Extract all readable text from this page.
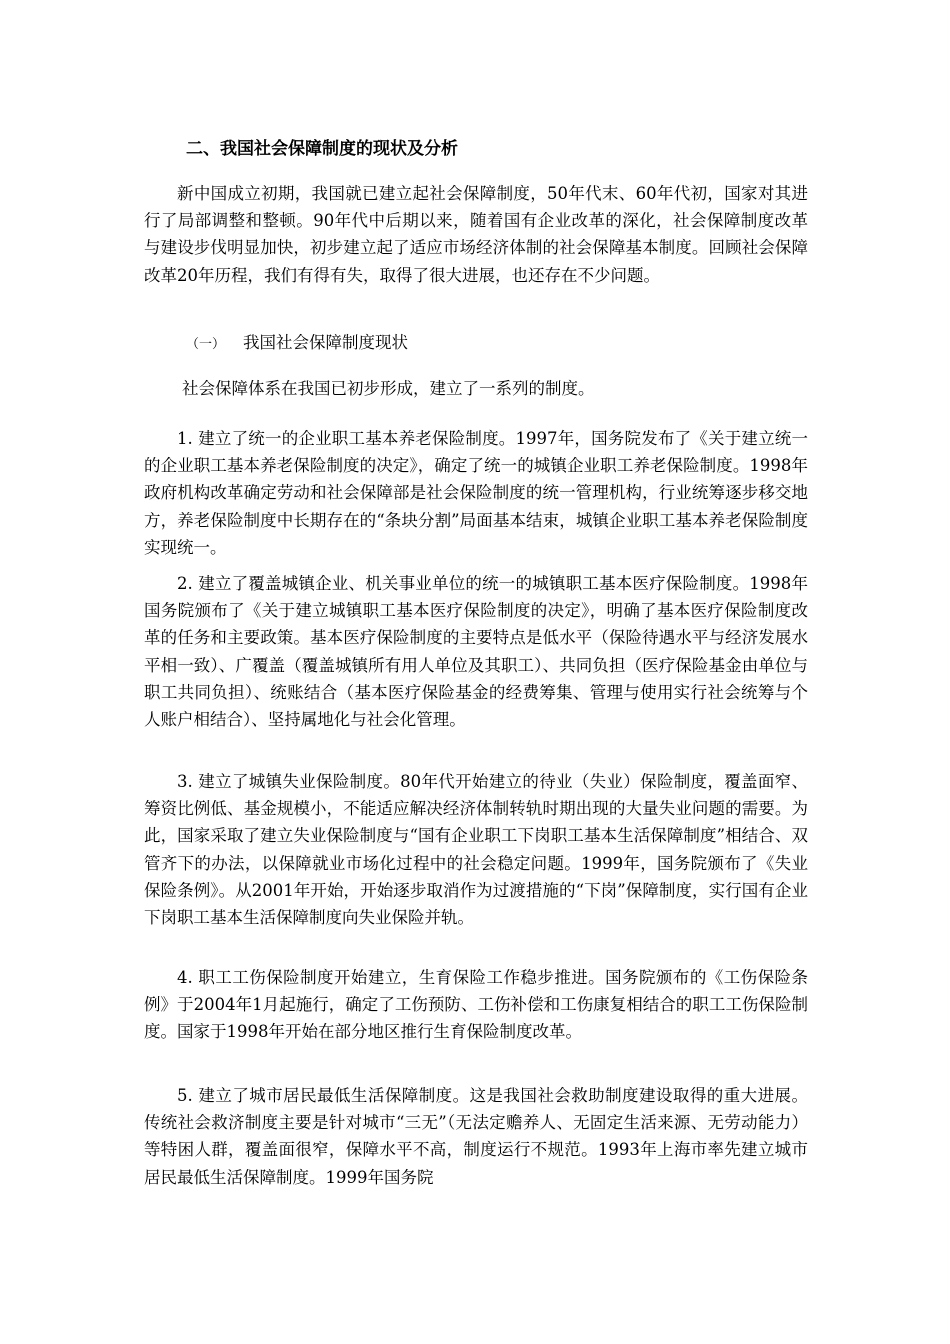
二、我国社会保障制度的现状及分析

新中国成立初期，我国就已建立起社会保障制度，50年代末、60年代初，国家对其进行了局部调整和整顿。90年代中后期以来，随着国有企业改革的深化，社会保障制度改革与建设步伐明显加快，初步建立起了适应市场经济体制的社会保障基本制度。回顾社会保障改革20年历程，我们有得有失，取得了很大进展，也还存在不少问题。

（一） 我国社会保障制度现状
社会保障体系在我国已初步形成，建立了一系列的制度。

1. 建立了统一的企业职工基本养老保险制度。1997年，国务院发布了《关于建立统一的企业职工基本养老保险制度的决定》，确定了统一的城镇企业职工养老保险制度。1998年政府机构改革确定劳动和社会保障部是社会保险制度的统一管理机构，行业统筹逐步移交地方，养老保险制度中长期存在的“条块分割”局面基本结束，城镇企业职工基本养老保险制度实现统一。

2. 建立了覆盖城镇企业、机关事业单位的统一的城镇职工基本医疗保险制度。1998年国务院颁布了《关于建立城镇职工基本医疗保险制度的决定》，明确了基本医疗保险制度改革的任务和主要政策。基本医疗保险制度的主要特点是低水平（保险待遇水平与经济发展水平相一致）、广覆盖（覆盖城镇所有用人单位及其职工）、共同负担（医疗保险基金由单位与职工共同负担）、统账结合（基本医疗保险基金的经费筹集、管理与使用实行社会统筹与个人账户相结合）、坚持属地化与社会化管理。

3. 建立了城镇失业保险制度。80年代开始建立的待业（失业）保险制度，覆盖面窄、筹资比例低、基金规模小，不能适应解决经济体制转轨时期出现的大量失业问题的需要。为此，国家采取了建立失业保险制度与“国有企业职工下岗职工基本生活保障制度”相结合、双管齐下的办法，以保障就业市场化过程中的社会稳定问题。1999年，国务院颁布了《失业保险条例》。从2001年开始，开始逐步取消作为过渡措施的“下岗”保障制度，实行国有企业下岗职工基本生活保障制度向失业保险并轨。

4. 职工工伤保险制度开始建立，生育保险工作稳步推进。国务院颁布的《工伤保险条例》于2004年1月起施行，确定了工伤预防、工伤补偿和工伤康复相结合的职工工伤保险制度。国家于1998年开始在部分地区推行生育保险制度改革。

5. 建立了城市居民最低生活保障制度。这是我国社会救助制度建设取得的重大进展。传统社会救济制度主要是针对城市“三无”（无法定赡养人、无固定生活来源、无劳动能力）等特困人群，覆盖面很窄，保障水平不高，制度运行不规范。1993年上海市率先建立城市居民最低生活保障制度。1999年国务院
